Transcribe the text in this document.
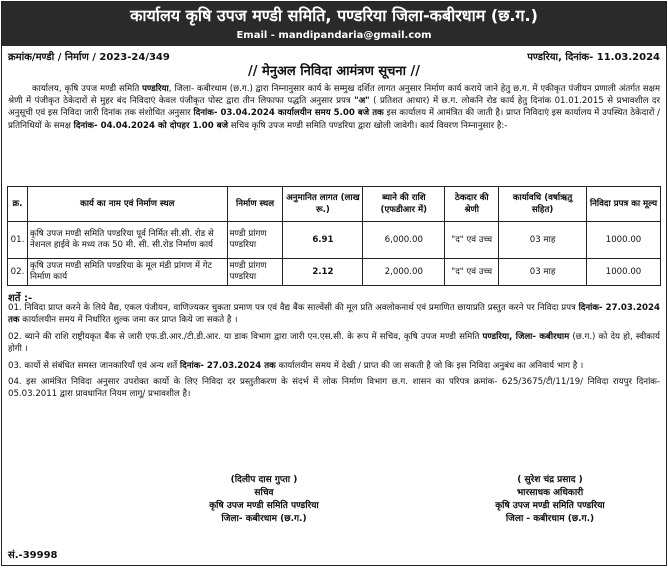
कार्यालय कृषि उपज मण्डी समिति, पण्डरिया जिला-कबीरधाम (छ.ग.)
Email - mandipandaria@gmail.com
क्रमांक/मण्डी / निर्माण / 2023-24/349	पण्डरिया, दिनांक- 11.03.2024
// मेनुअल निविदा आमंत्रण सूचना //
कार्यालय, कृषि उपज मण्डी समिति पण्डरिया, जिला- कबीरधाम (छ.ग.) द्वारा निम्नानुसार कार्य के सम्मुख दर्शित लागत अनुसार निर्माण कार्य कराये जाने हेतु छ.ग. में एकीकृत पंजीयन प्रणाली अंतर्गत सक्षम श्रेणी में पंजीकृत ठेकेदारों से मुहर बंद निविदाएं केवल पंजीकृत पोस्ट द्वारा तीन लिफाफा पद्धति अनुसार प्रपत्र "अ" ( प्रतिशत आधार) में छ.ग. लोकनि रोड कार्य हेतु दिनांक 01.01.2015 से प्रभावशील दर अनुसूची एवं इस निविदा जारी दिनांक तक संशोधित अनुसार दिनांक- 03.04.2024 कार्यालयीन समय 5.00 बजे तक इस कार्यालय में आमंत्रित की जाती है। प्राप्त निविदाएं इस कार्यालय में उपस्थित ठेकेदारों / प्रतिनिधियों के समक्ष दिनांक- 04.04.2024 को दोपहर 1.00 बजे सचिव कृषि उपज मण्डी समिति पण्डरिया द्वारा खोली जावेगी। कार्य विवरण निम्नानुसार है:-
क्र.	कार्य का नाम एवं निर्माण स्थल	निर्माण स्थल	अनुमानित लागत (लाख रू.)	ब्याने की राशि (एफडीआर में)	ठेकदार की श्रेणी	कार्यावधि (वर्षाऋतु सहित)	निविदा प्रपत्र का मूल्य
01.	कृषि उपज मण्डी समिति पण्डरिया पूर्व निर्मित सी.सी. रोड से नेशनल हाईवे के मध्य तक 50 मी. सी. सी.रोड निर्माण कार्य	मण्डी प्रांगण पण्डरिया	6.91	6,000.00	"द" एवं उच्च	03 माह	1000.00
02.	कृषि उपज मण्डी समिति पण्डरिया के मूल मंडी प्रांगण में गेट निर्माण कार्य	मण्डी प्रांगण पण्डरिया	2.12	2,000.00	"द" एवं उच्च	03 माह	1000.00
शर्ते :-
01. निविदा प्राप्त करने के लिये वैद्य, एकल पंजीयन, वाणिज्यकर चुकता प्रमाण पत्र एवं वैद्य बैंक साल्वेंसी की मूल प्रति अवलोकनार्थ एवं प्रमाणित छायाप्रति प्रस्तुत करने पर निविदा प्रपत्र दिनांक- 27.03.2024 तक कार्यालयीन समय में निर्धारित शुल्क जमा कर प्राप्त किये जा सकते है ।
02. ब्याने की राशि राष्ट्रीयकृत बैंक से जारी एफ.डी.आर./टी.डी.आर. या डाक विभाग द्वारा जारी एन.एस.सी. के रूप में सचिव, कृषि उपज मण्डी समिति पण्डरिया, जिला- कबीरधाम (छ.ग.) को देय हो, स्वीकार्य होगी ।
03. कार्यो से संबंधित समस्त जानकारियाँ एवं अन्य शर्ते दिनांक- 27.03.2024 तक कार्यालयीन समय में देखी / प्राप्त की जा सकती है जो कि इस निविदा अनुबंध का अनिवार्य भाग है ।
04. इस आमंत्रित निविदा अनुसार उपरोक्त कार्यो के लिए निविदा दर प्रस्तुतीकरण के संदर्भ में लोक निर्माण विभाग छ.ग. शासन का परिपत्र क्रमांक- 625/3675/टी/11/19/ निविदा रायपुर दिनांक- 05.03.2011 द्वारा प्रावधानित नियम लागू/ प्रभावशील है।
(दिलीप दास गुप्ता )
सचिव
कृषि उपज मण्डी समिति पण्डरिया
जिला- कबीरधाम (छ.ग.)
( सुरेश चंद्र प्रसाद )
भारसाधक अधिकारी
कृषि उपज मण्डी समिति पण्डरिया
जिला - कबीरधाम (छ.ग.)
सं.-39998
